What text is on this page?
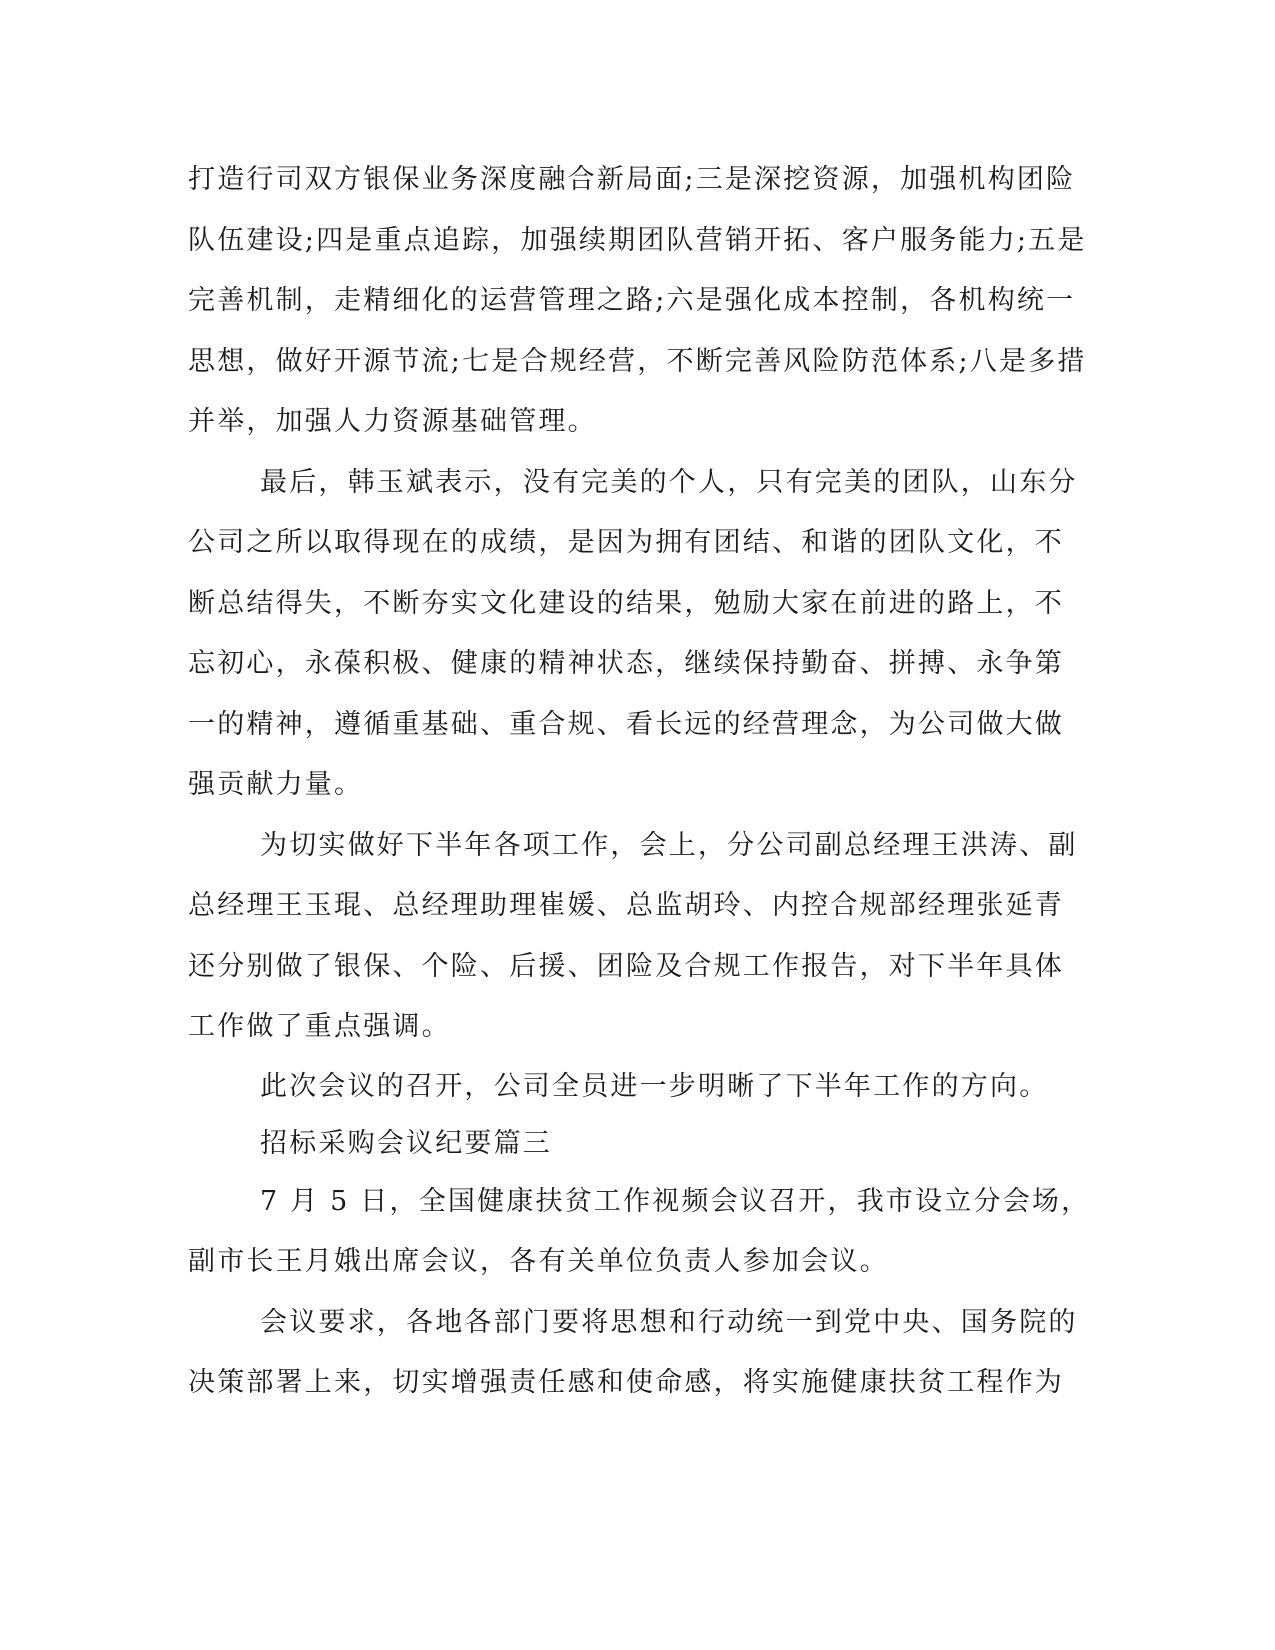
打造行司双方银保业务深度融合新局面;三是深挖资源，加强机构团险
队伍建设;四是重点追踪，加强续期团队营销开拓、客户服务能力;五是
完善机制，走精细化的运营管理之路;六是强化成本控制，各机构统一
思想，做好开源节流;七是合规经营，不断完善风险防范体系;八是多措
并举，加强人力资源基础管理。
最后，韩玉斌表示，没有完美的个人，只有完美的团队，山东分
公司之所以取得现在的成绩，是因为拥有团结、和谐的团队文化，不
断总结得失，不断夯实文化建设的结果，勉励大家在前进的路上，不
忘初心，永葆积极、健康的精神状态，继续保持勤奋、拼搏、永争第
一的精神，遵循重基础、重合规、看长远的经营理念，为公司做大做
强贡献力量。
为切实做好下半年各项工作，会上，分公司副总经理王洪涛、副
总经理王玉琨、总经理助理崔媛、总监胡玲、内控合规部经理张延青
还分别做了银保、个险、后援、团险及合规工作报告，对下半年具体
工作做了重点强调。
此次会议的召开，公司全员进一步明晰了下半年工作的方向。
招标采购会议纪要篇三
7 月 5 日，全国健康扶贫工作视频会议召开，我市设立分会场，
副市长王月娥出席会议，各有关单位负责人参加会议。
会议要求，各地各部门要将思想和行动统一到党中央、国务院的
决策部署上来，切实增强责任感和使命感，将实施健康扶贫工程作为
